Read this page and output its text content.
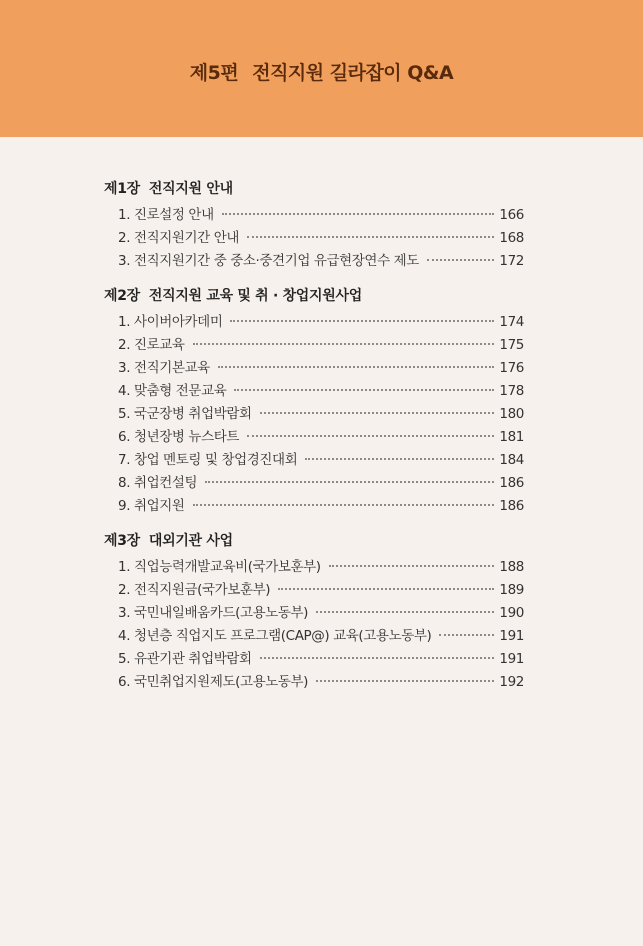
제5편 전직지원 길라잡이 Q&A
제1장 전직지원 안내
1. 진로설정 안내	166
2. 전직지원기간 안내	168
3. 전직지원기간 중 중소·중견기업 유급현장연수 제도	172
제2장 전직지원 교육 및 취 · 창업지원사업
1. 사이버아카데미	174
2. 진로교육	175
3. 전직기본교육	176
4. 맞춤형 전문교육	178
5. 국군장병 취업박람회	180
6. 청년장병 뉴스타트	181
7. 창업 멘토링 및 창업경진대회	184
8. 취업컨설팅	186
9. 취업지원	186
제3장 대외기관 사업
1. 직업능력개발교육비(국가보훈부)	188
2. 전직지원금(국가보훈부)	189
3. 국민내일배움카드(고용노동부)	190
4. 청년층 직업지도 프로그램(CAP@) 교육(고용노동부)	191
5. 유관기관 취업박람회	191
6. 국민취업지원제도(고용노동부)	192
